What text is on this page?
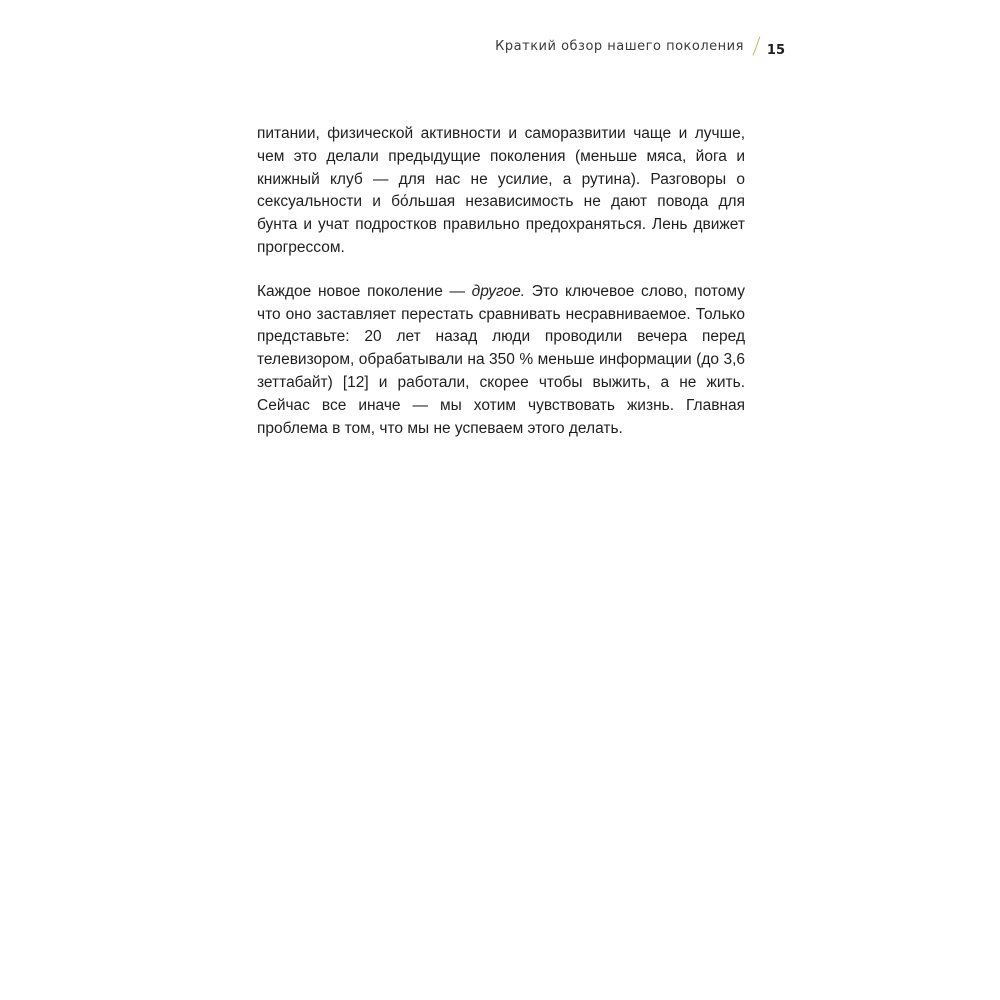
Краткий обзор нашего поколения 15

питании, физической активности и саморазвитии чаще и лучше, чем это делали предыдущие поколения (меньше мяса, йога и книжный клуб — для нас не усилие, а рутина). Разговоры о сексуальности и бо́льшая независимость не дают повода для бунта и учат подростков правильно предохраняться. Лень движет прогрессом.

Каждое новое поколение — другое. Это ключевое слово, потому что оно заставляет перестать сравнивать несравниваемое. Только представьте: 20 лет назад люди проводили вечера перед телевизором, обрабатывали на 350 % меньше информации (до 3,6 зеттабайт) [12] и работали, скорее чтобы выжить, а не жить. Сейчас все иначе — мы хотим чувствовать жизнь. Главная проблема в том, что мы не успеваем этого делать.
